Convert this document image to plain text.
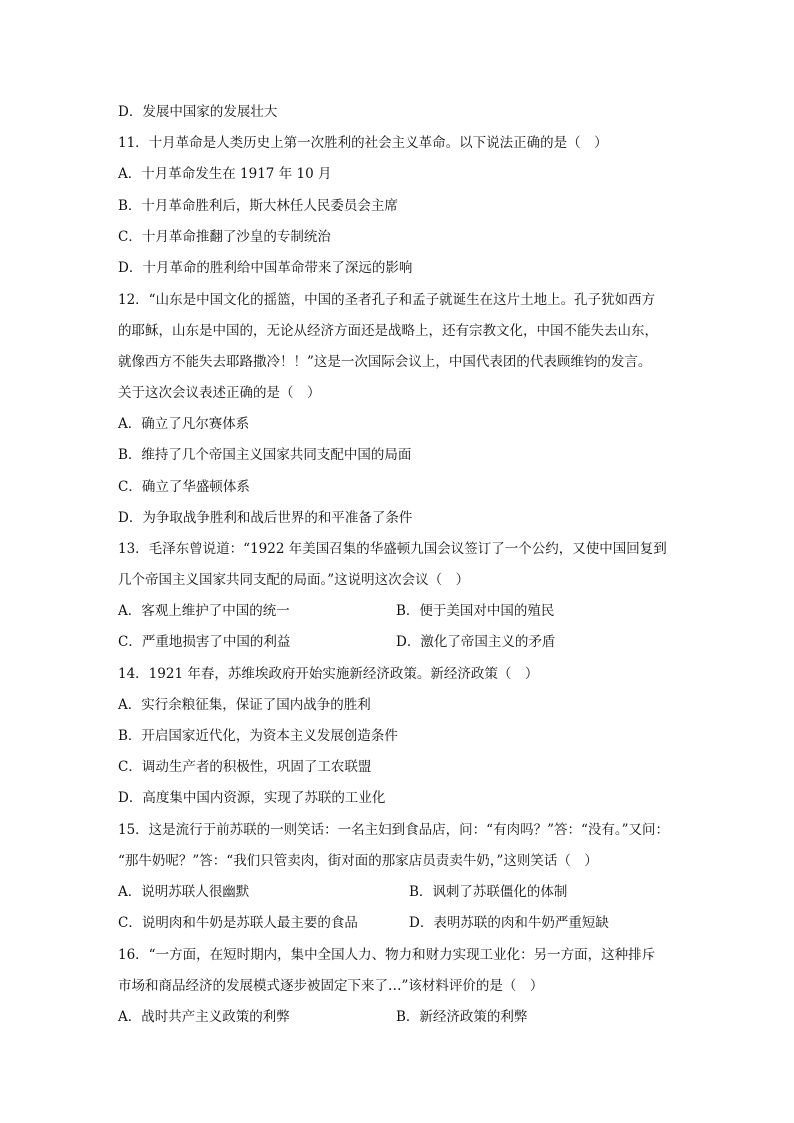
D．发展中国家的发展壮大
11．十月革命是人类历史上第一次胜利的社会主义革命。以下说法正确的是（　）
A．十月革命发生在 1917 年 10 月
B．十月革命胜利后，斯大林任人民委员会主席
C．十月革命推翻了沙皇的专制统治
D．十月革命的胜利给中国革命带来了深远的影响
12．“山东是中国文化的摇篮，中国的圣者孔子和孟子就诞生在这片土地上。孔子犹如西方
的耶稣，山东是中国的，无论从经济方面还是战略上，还有宗教文化，中国不能失去山东，
就像西方不能失去耶路撒冷！！”这是一次国际会议上，中国代表团的代表顾维钧的发言。
关于这次会议表述正确的是（　）
A．确立了凡尔赛体系
B．维持了几个帝国主义国家共同支配中国的局面
C．确立了华盛顿体系
D．为争取战争胜利和战后世界的和平准备了条件
13．毛泽东曾说道：“1922 年美国召集的华盛顿九国会议签订了一个公约，又使中国回复到
几个帝国主义国家共同支配的局面。”这说明这次会议（　）
A．客观上维护了中国的统一	B．便于美国对中国的殖民
C．严重地损害了中国的利益	D．激化了帝国主义的矛盾
14．1921 年春，苏维埃政府开始实施新经济政策。新经济政策（　）
A．实行余粮征集，保证了国内战争的胜利
B．开启国家近代化，为资本主义发展创造条件
C．调动生产者的积极性，巩固了工农联盟
D．高度集中国内资源，实现了苏联的工业化
15．这是流行于前苏联的一则笑话：一名主妇到食品店，问：“有肉吗？”答：“没有。”又问：
“那牛奶呢？”答：“我们只管卖肉，街对面的那家店员责卖牛奶，”这则笑话（　）
A．说明苏联人很幽默	B．讽刺了苏联僵化的体制
C．说明肉和牛奶是苏联人最主要的食品	D．表明苏联的肉和牛奶严重短缺
16．“一方面，在短时期内，集中全国人力、物力和财力实现工业化：另一方面，这种排斥
市场和商品经济的发展模式逐步被固定下来了…”该材料评价的是（　）
A．战时共产主义政策的利弊	B．新经济政策的利弊
